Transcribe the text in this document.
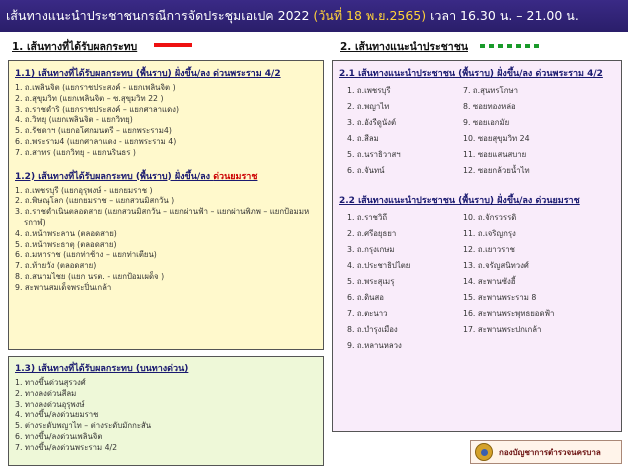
เส้นทางแนะนำประชาชนกรณีการจัดประชุมเอเปค 2022 (วันที่ 18 พ.ย.2565) เวลา 16.30 น. – 21.00 น.
1. เส้นทางที่ได้รับผลกระทบ	2. เส้นทางแนะนำประชาชน
1.1) เส้นทางที่ได้รับผลกระทบ (พื้นราบ) ฝั่งขึ้น/ลง ด่วนพระราม 4/2
1. ถ.เพลินจิต (แยกราชประสงค์ - แยกเพลินจิต )
2. ถ.สุขุมวิท (แยกเพลินจิต – ซ.สุขุมวิท 22 )
3. ถ.ราชดำริ (แยกราชประสงค์ – แยกศาลาแดง)
4. ถ.วิทยุ (แยกเพลินจิต - แยกวิทยุ)
5. ถ.รัชดาฯ (แยกอโศกมนตรี – แยกพระราม4)
6. ถ.พระราม4 (แยกศาลาแดง - แยกพระราม 4)
7. ถ.สาทร (แยกวิทยุ - แยกนรินธร )
1.2) เส้นทางที่ได้รับผลกระทบ (พื้นราบ) ฝั่งขึ้น/ลง ด่วนยมราช
1. ถ.เพชรบุรี (แยกอุรุพงษ์ - แยกยมราช )
2. ถ.พิษณุโลก (แยกยมราช – แยกสวนมิสกวัน )
3. ถ.ราชดำเนินตลอดสาย (แยกสวนมิสกวัน – แยกผ่านฟ้า – แยกผ่านพิภพ – แยกป้อมมหรกาฬ)
4. ถ.หน้าพระลาน (ตลอดสาย)
5. ถ.หน้าพระธาตุ (ตลอดสาย)
6. ถ.มหาราช (แยกท่าช้าง – แยกท่าเตียน)
7. ถ.ท้ายวัง (ตลอดสาย)
8. ถ.สนามไชย (แยก นรต. - แยกป้อมเผด็จ )
9. สะพานสมเด็จพระปิ่นเกล้า
1.3) เส้นทางที่ได้รับผลกระทบ (บนทางด่วน)
1. ทางขึ้นด่วนสุรวงศ์
2. ทางลงด่วนสีลม
3. ทางลงด่วนอุรุพงษ์
4. ทางขึ้น/ลงด่วนยมราช
5. ต่างระดับพญาไท – ต่างระดับมักกะสัน
6. ทางขึ้น/ลงด่วนเพลินจิต
7. ทางขึ้น/ลงด่วนพระราม 4/2
2.1 เส้นทางแนะนำประชาชน (พื้นราบ) ฝั่งขึ้น/ลง ด่วนพระราม 4/2
1. ถ.เพชรบุรี
2. ถ.พญาไท
3. ถ.อังรีดูนังต์
4. ถ.สีลม
5. ถ.นราธิวาสฯ
6. ถ.จันทน์
7. ถ.สุนทรโกษา
8. ซอยทองหล่อ
9. ซอยเอกมัย
10. ซอยสุขุมวิท 24
11. ซอยแสนสบาย
12. ซอยกล้วยน้ำไท
2.2 เส้นทางแนะนำประชาชน (พื้นราบ) ฝั่งขึ้น/ลง ด่วนยมราช
1. ถ.ราชวิถี
2. ถ.ศรีอยุธยา
3. ถ.กรุงเกษม
4. ถ.ประชาธิปไตย
5. ถ.พระสุเมรุ
6. ถ.ดินสอ
7. ถ.ตะนาว
8. ถ.บำรุงเมือง
9. ถ.หลานหลวง
10. ถ.จักรวรรดิ
11. ถ.เจริญกรุง
12. ถ.เยาวราช
13. ถ.จรัญสนิทวงศ์
14. สะพานซังฮี้
15. สะพานพระราม 8
16. สะพานพระพุทธยอดฟ้า
17. สะพานพระปกเกล้า
กองบัญชาการตำรวจนครบาล
